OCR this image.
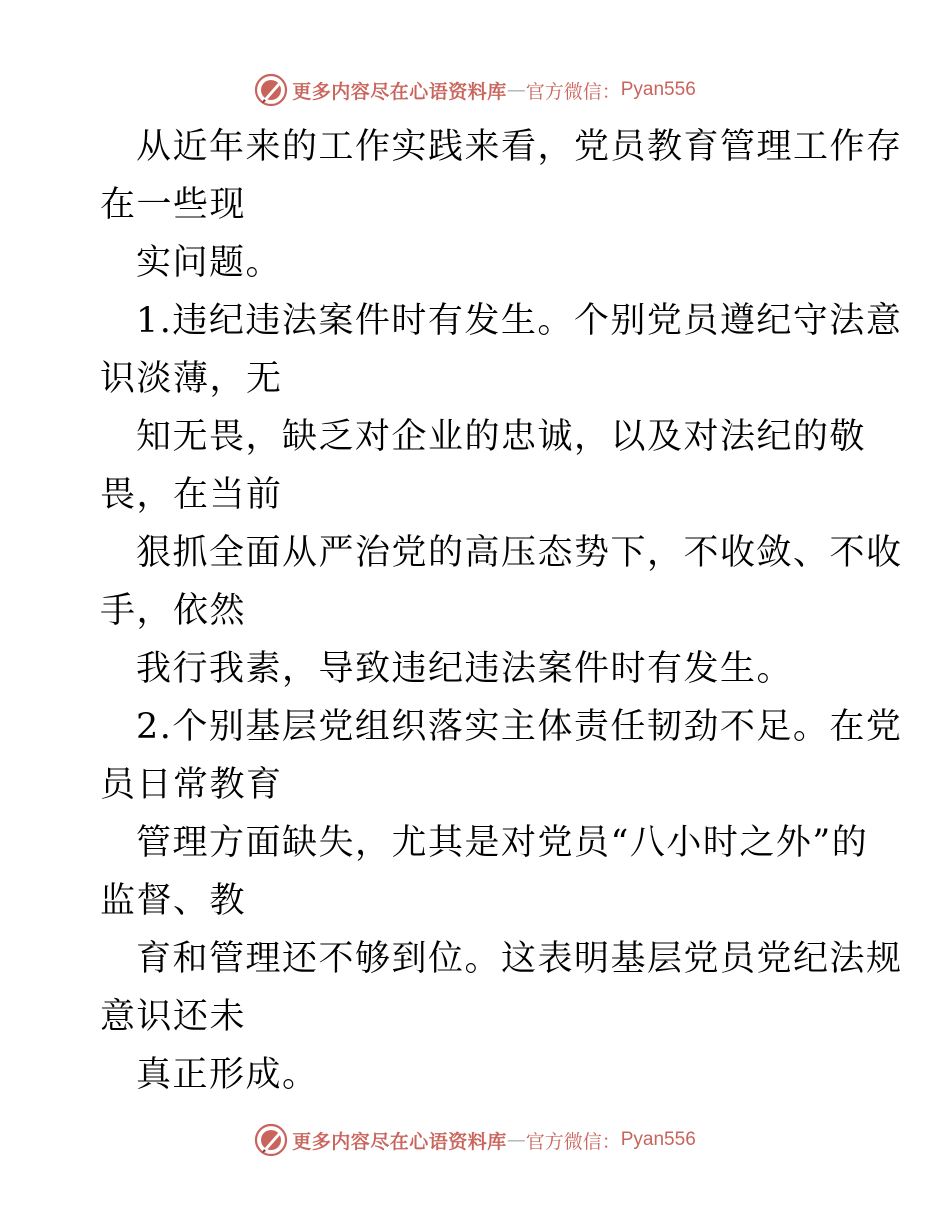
更多内容尽在心语资料库 — 官方微信： Pyan556
从近年来的工作实践来看，党员教育管理工作存
在一些现
实问题。
1.违纪违法案件时有发生。个别党员遵纪守法意
识淡薄，无
知无畏，缺乏对企业的忠诚，以及对法纪的敬
畏，在当前
狠抓全面从严治党的高压态势下，不收敛、不收
手，依然
我行我素，导致违纪违法案件时有发生。
2.个别基层党组织落实主体责任韧劲不足。在党
员日常教育
管理方面缺失，尤其是对党员“八小时之外”的
监督、教
育和管理还不够到位。这表明基层党员党纪法规
意识还未
真正形成。
更多内容尽在心语资料库 — 官方微信： Pyan556
